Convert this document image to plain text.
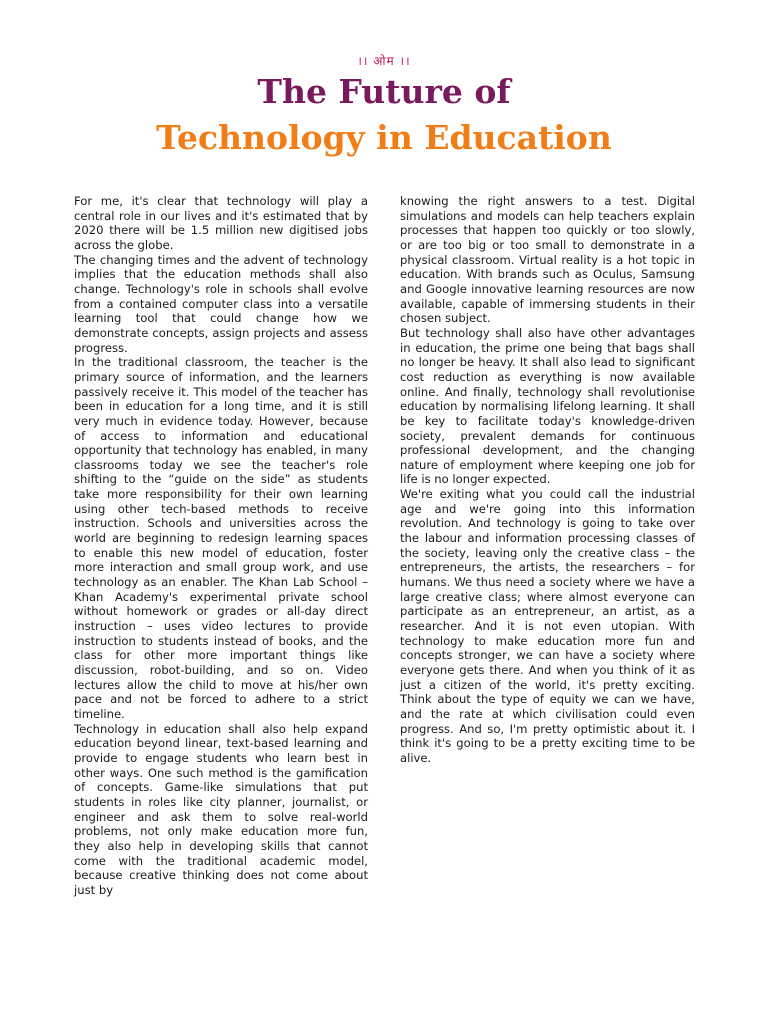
।। ओम ।।
The Future of
Technology in Education

For me, it's clear that technology will play a central role in our lives and it's estimated that by 2020 there will be 1.5 million new digitised jobs across the globe.

The changing times and the advent of technology implies that the education methods shall also change. Technology's role in schools shall evolve from a contained computer class into a versatile learning tool that could change how we demonstrate concepts, assign projects and assess progress.

In the traditional classroom, the teacher is the primary source of information, and the learners passively receive it. This model of the teacher has been in education for a long time, and it is still very much in evidence today. However, because of access to information and educational opportunity that technology has enabled, in many classrooms today we see the teacher's role shifting to the “guide on the side” as students take more responsibility for their own learning using other tech-based methods to receive instruction. Schools and universities across the world are beginning to redesign learning spaces to enable this new model of education, foster more interaction and small group work, and use technology as an enabler. The Khan Lab School – Khan Academy's experimental private school without homework or grades or all-day direct instruction – uses video lectures to provide instruction to students instead of books, and the class for other more important things like discussion, robot-building, and so on. Video lectures allow the child to move at his/her own pace and not be forced to adhere to a strict timeline.

Technology in education shall also help expand education beyond linear, text-based learning and provide to engage students who learn best in other ways. One such method is the gamification of concepts. Game-like simulations that put students in roles like city planner, journalist, or engineer and ask them to solve real-world problems, not only make education more fun, they also help in developing skills that cannot come with the traditional academic model, because creative thinking does not come about just by

knowing the right answers to a test. Digital simulations and models can help teachers explain processes that happen too quickly or too slowly, or are too big or too small to demonstrate in a physical classroom. Virtual reality is a hot topic in education. With brands such as Oculus, Samsung and Google innovative learning resources are now available, capable of immersing students in their chosen subject.

But technology shall also have other advantages in education, the prime one being that bags shall no longer be heavy. It shall also lead to significant cost reduction as everything is now available online. And finally, technology shall revolutionise education by normalising lifelong learning. It shall be key to facilitate today's knowledge-driven society, prevalent demands for continuous professional development, and the changing nature of employment where keeping one job for life is no longer expected.

We're exiting what you could call the industrial age and we're going into this information revolution. And technology is going to take over the labour and information processing classes of the society, leaving only the creative class – the entrepreneurs, the artists, the researchers – for humans. We thus need a society where we have a large creative class; where almost everyone can participate as an entrepreneur, an artist, as a researcher. And it is not even utopian. With technology to make education more fun and concepts stronger, we can have a society where everyone gets there. And when you think of it as just a citizen of the world, it's pretty exciting. Think about the type of equity we can we have, and the rate at which civilisation could even progress. And so, I'm pretty optimistic about it. I think it's going to be a pretty exciting time to be alive.
